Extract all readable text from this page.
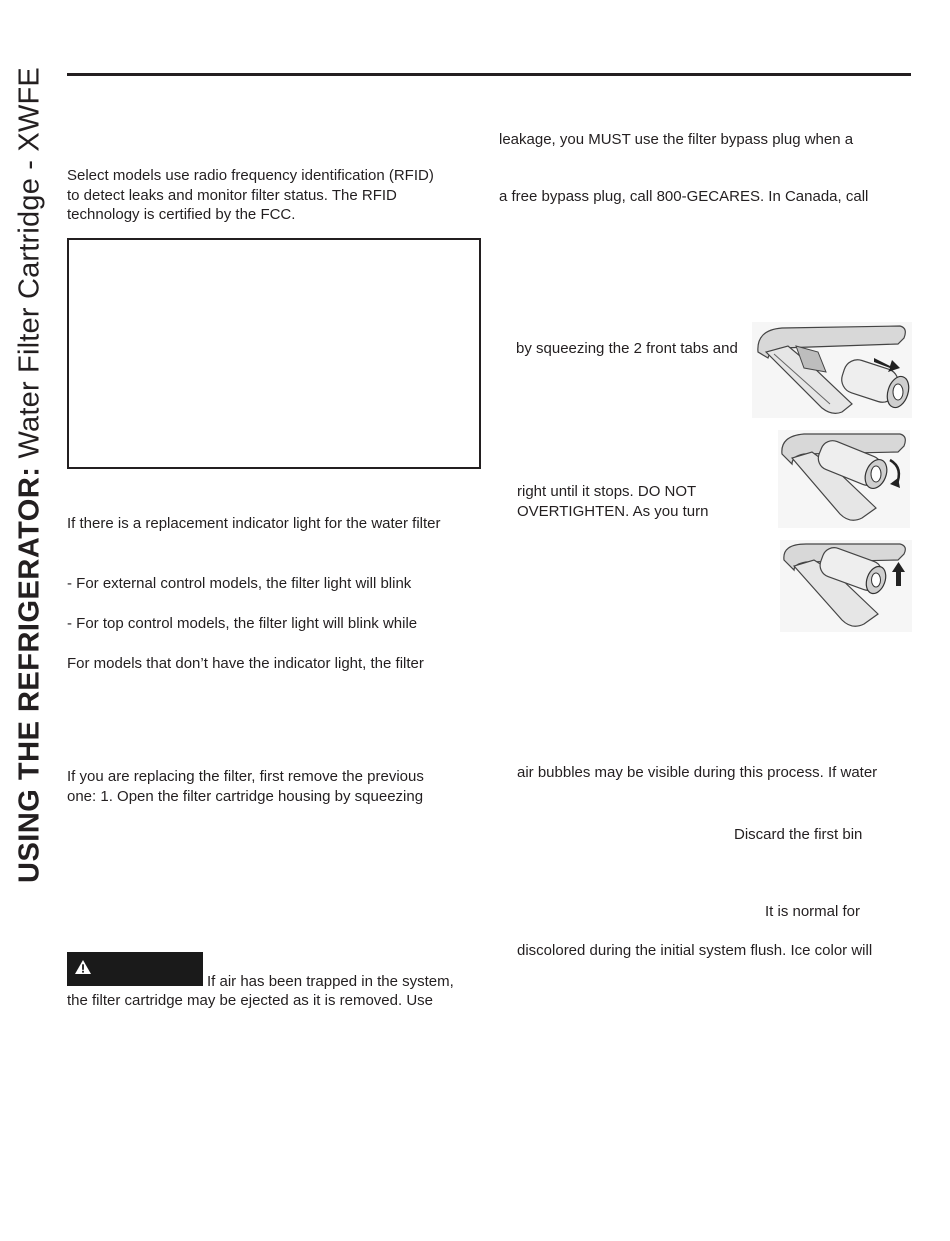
USING THE REFRIGERATOR: Water Filter Cartridge - XWFE Select models use radio frequency identification (RFID)
to detect leaks and monitor filter status. The RFID
technology is certified by the FCC.
If there is a replacement indicator light for the water filter
- For external control models, the filter light will blink
- For top control models, the filter light will blink while
For models that don’t have the indicator light, the filter
If you are replacing the filter, first remove the previous
one: 1. Open the filter cartridge housing by squeezing
If air has been trapped in the system,
the filter cartridge may be ejected as it is removed. Use
leakage, you MUST use the filter bypass plug when a
a free bypass plug, call 800-GECARES. In Canada, call
by squeezing the 2 front tabs and
right until it stops. DO NOT
OVERTIGHTEN. As you turn
air bubbles may be visible during this process. If water
Discard the first bin
It is normal for
discolored during the initial system flush. Ice color will
